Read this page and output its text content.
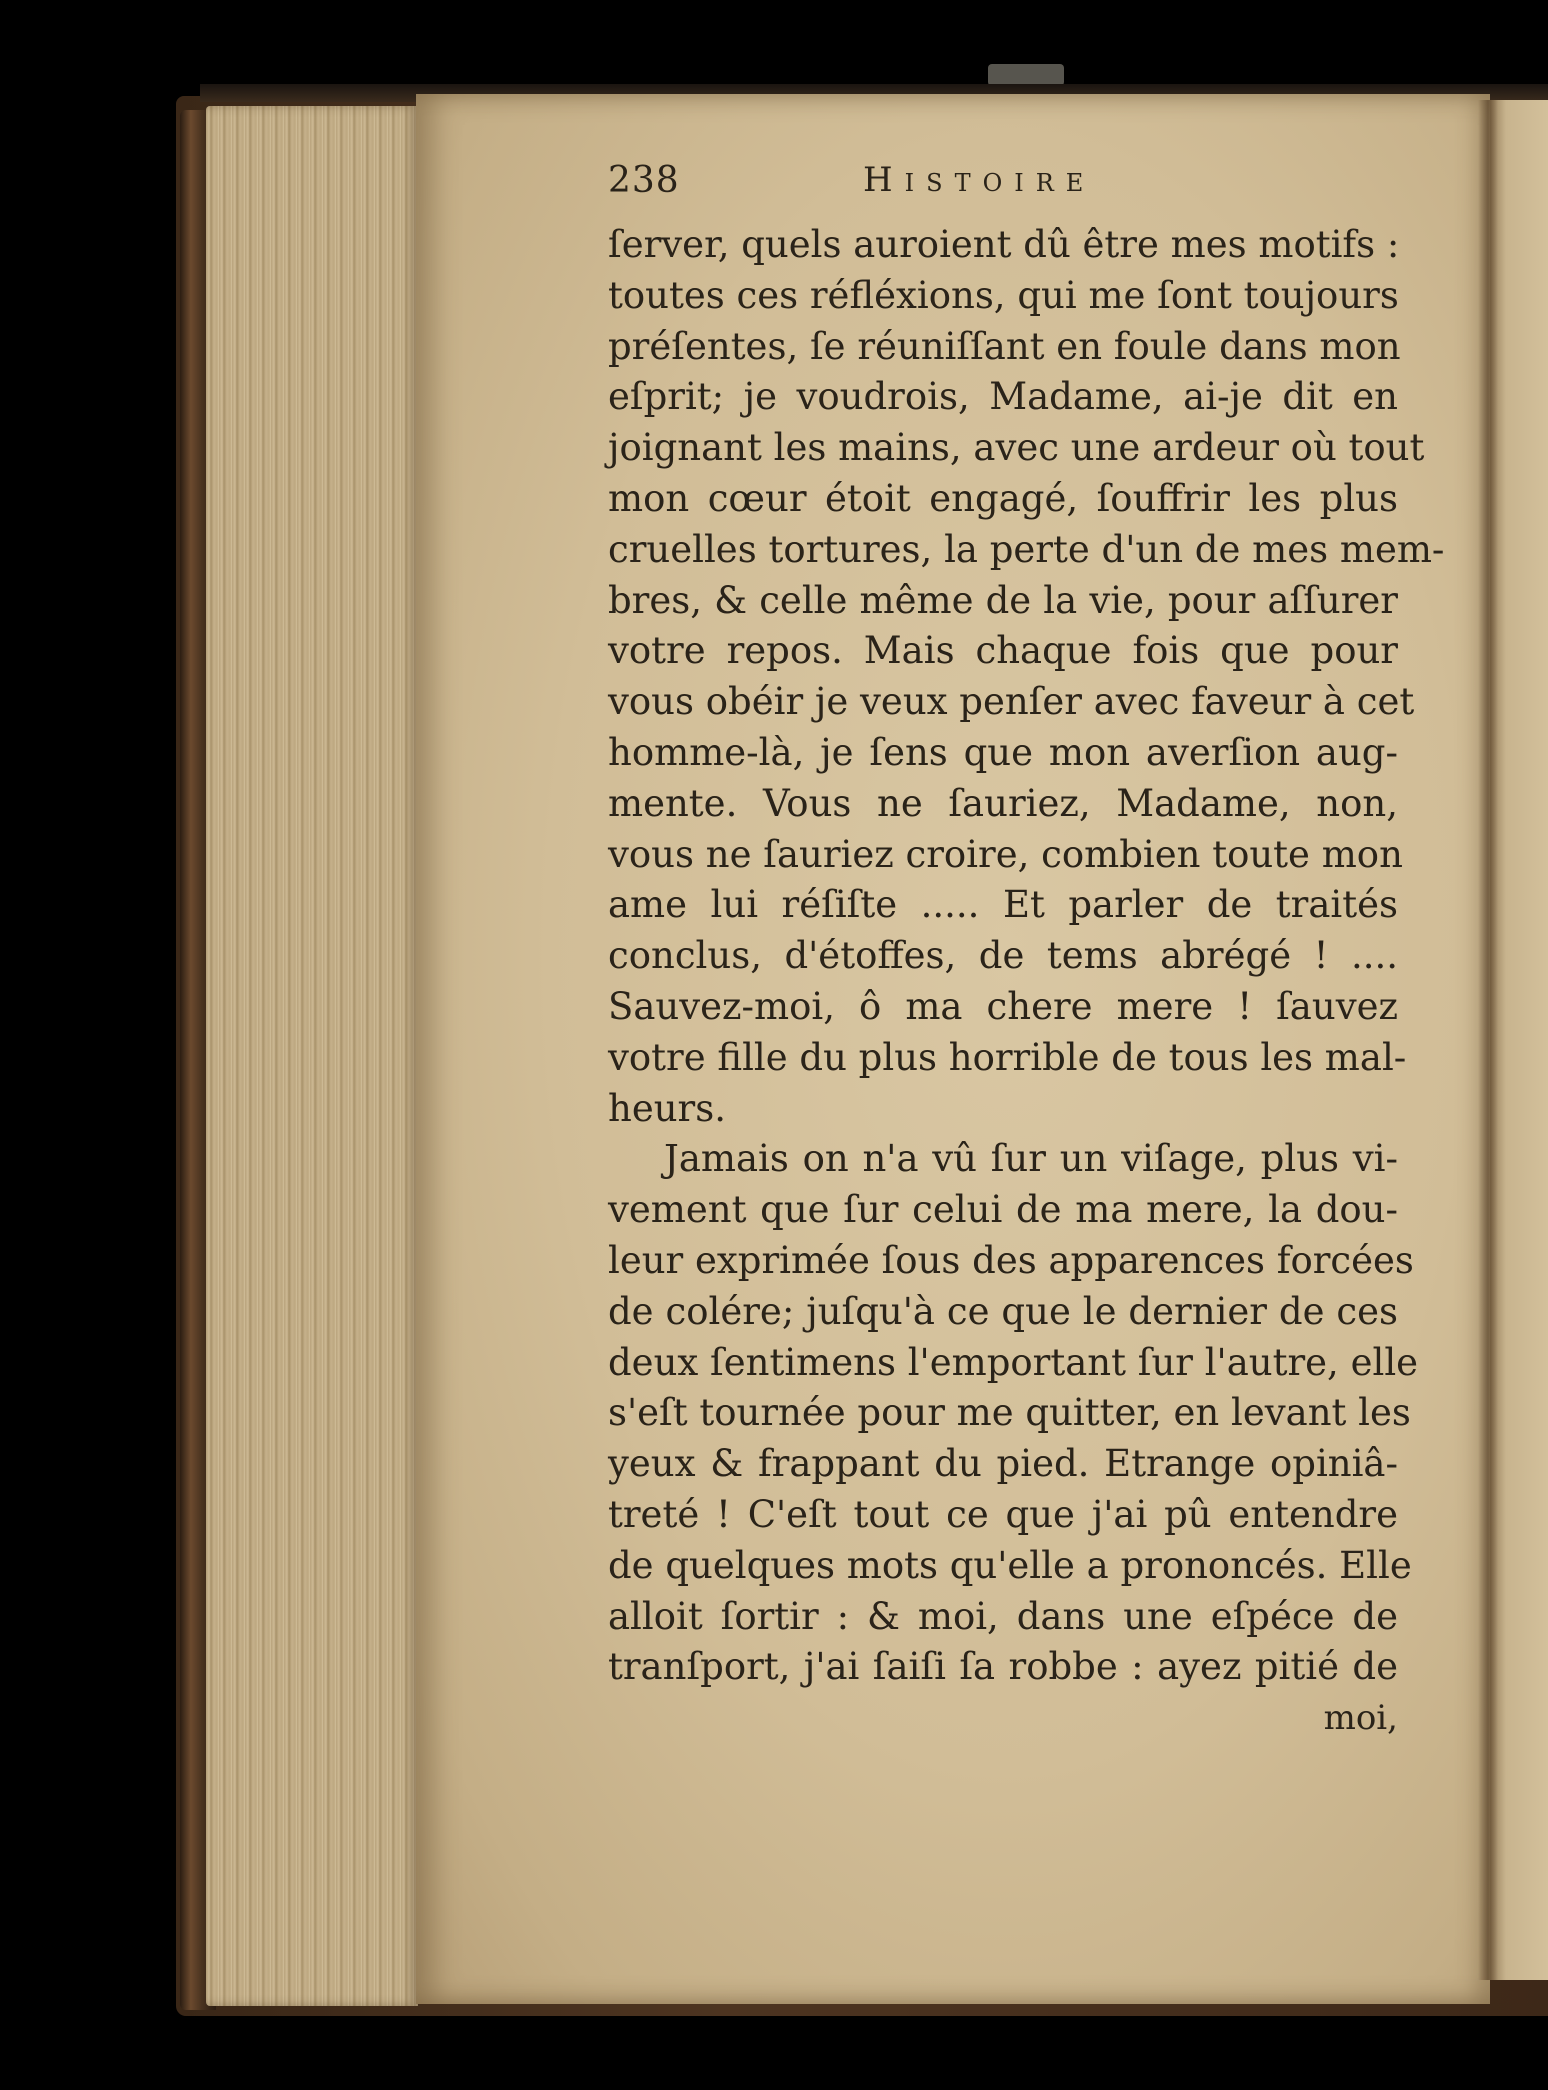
238	Histoire
ſerver, quels auroient dû être mes motifs :
toutes ces réfléxions, qui me ſont toujours
préſentes, ſe réuniſſant en foule dans mon
eſprit; je voudrois, Madame, ai-je dit en
joignant les mains, avec une ardeur où tout
mon cœur étoit engagé, ſouffrir les plus
cruelles tortures, la perte d'un de mes mem-
bres, & celle même de la vie, pour aſſurer
votre repos. Mais chaque fois que pour
vous obéir je veux penſer avec faveur à cet
homme-là, je ſens que mon averſion aug-
mente. Vous ne ſauriez, Madame, non,
vous ne ſauriez croire, combien toute mon
ame lui réſiſte ..... Et parler de traités
conclus, d'étoffes, de tems abrégé ! ....
Sauvez-moi, ô ma chere mere ! ſauvez
votre fille du plus horrible de tous les mal-
heurs.
Jamais on n'a vû ſur un viſage, plus vi-
vement que ſur celui de ma mere, la dou-
leur exprimée ſous des apparences forcées
de colére; juſqu'à ce que le dernier de ces
deux ſentimens l'emportant ſur l'autre, elle
s'eſt tournée pour me quitter, en levant les
yeux & frappant du pied. Etrange opiniâ-
treté ! C'eſt tout ce que j'ai pû entendre
de quelques mots qu'elle a prononcés. Elle
alloit ſortir : & moi, dans une eſpéce de
tranſport, j'ai ſaiſi ſa robbe : ayez pitié de
moi,
